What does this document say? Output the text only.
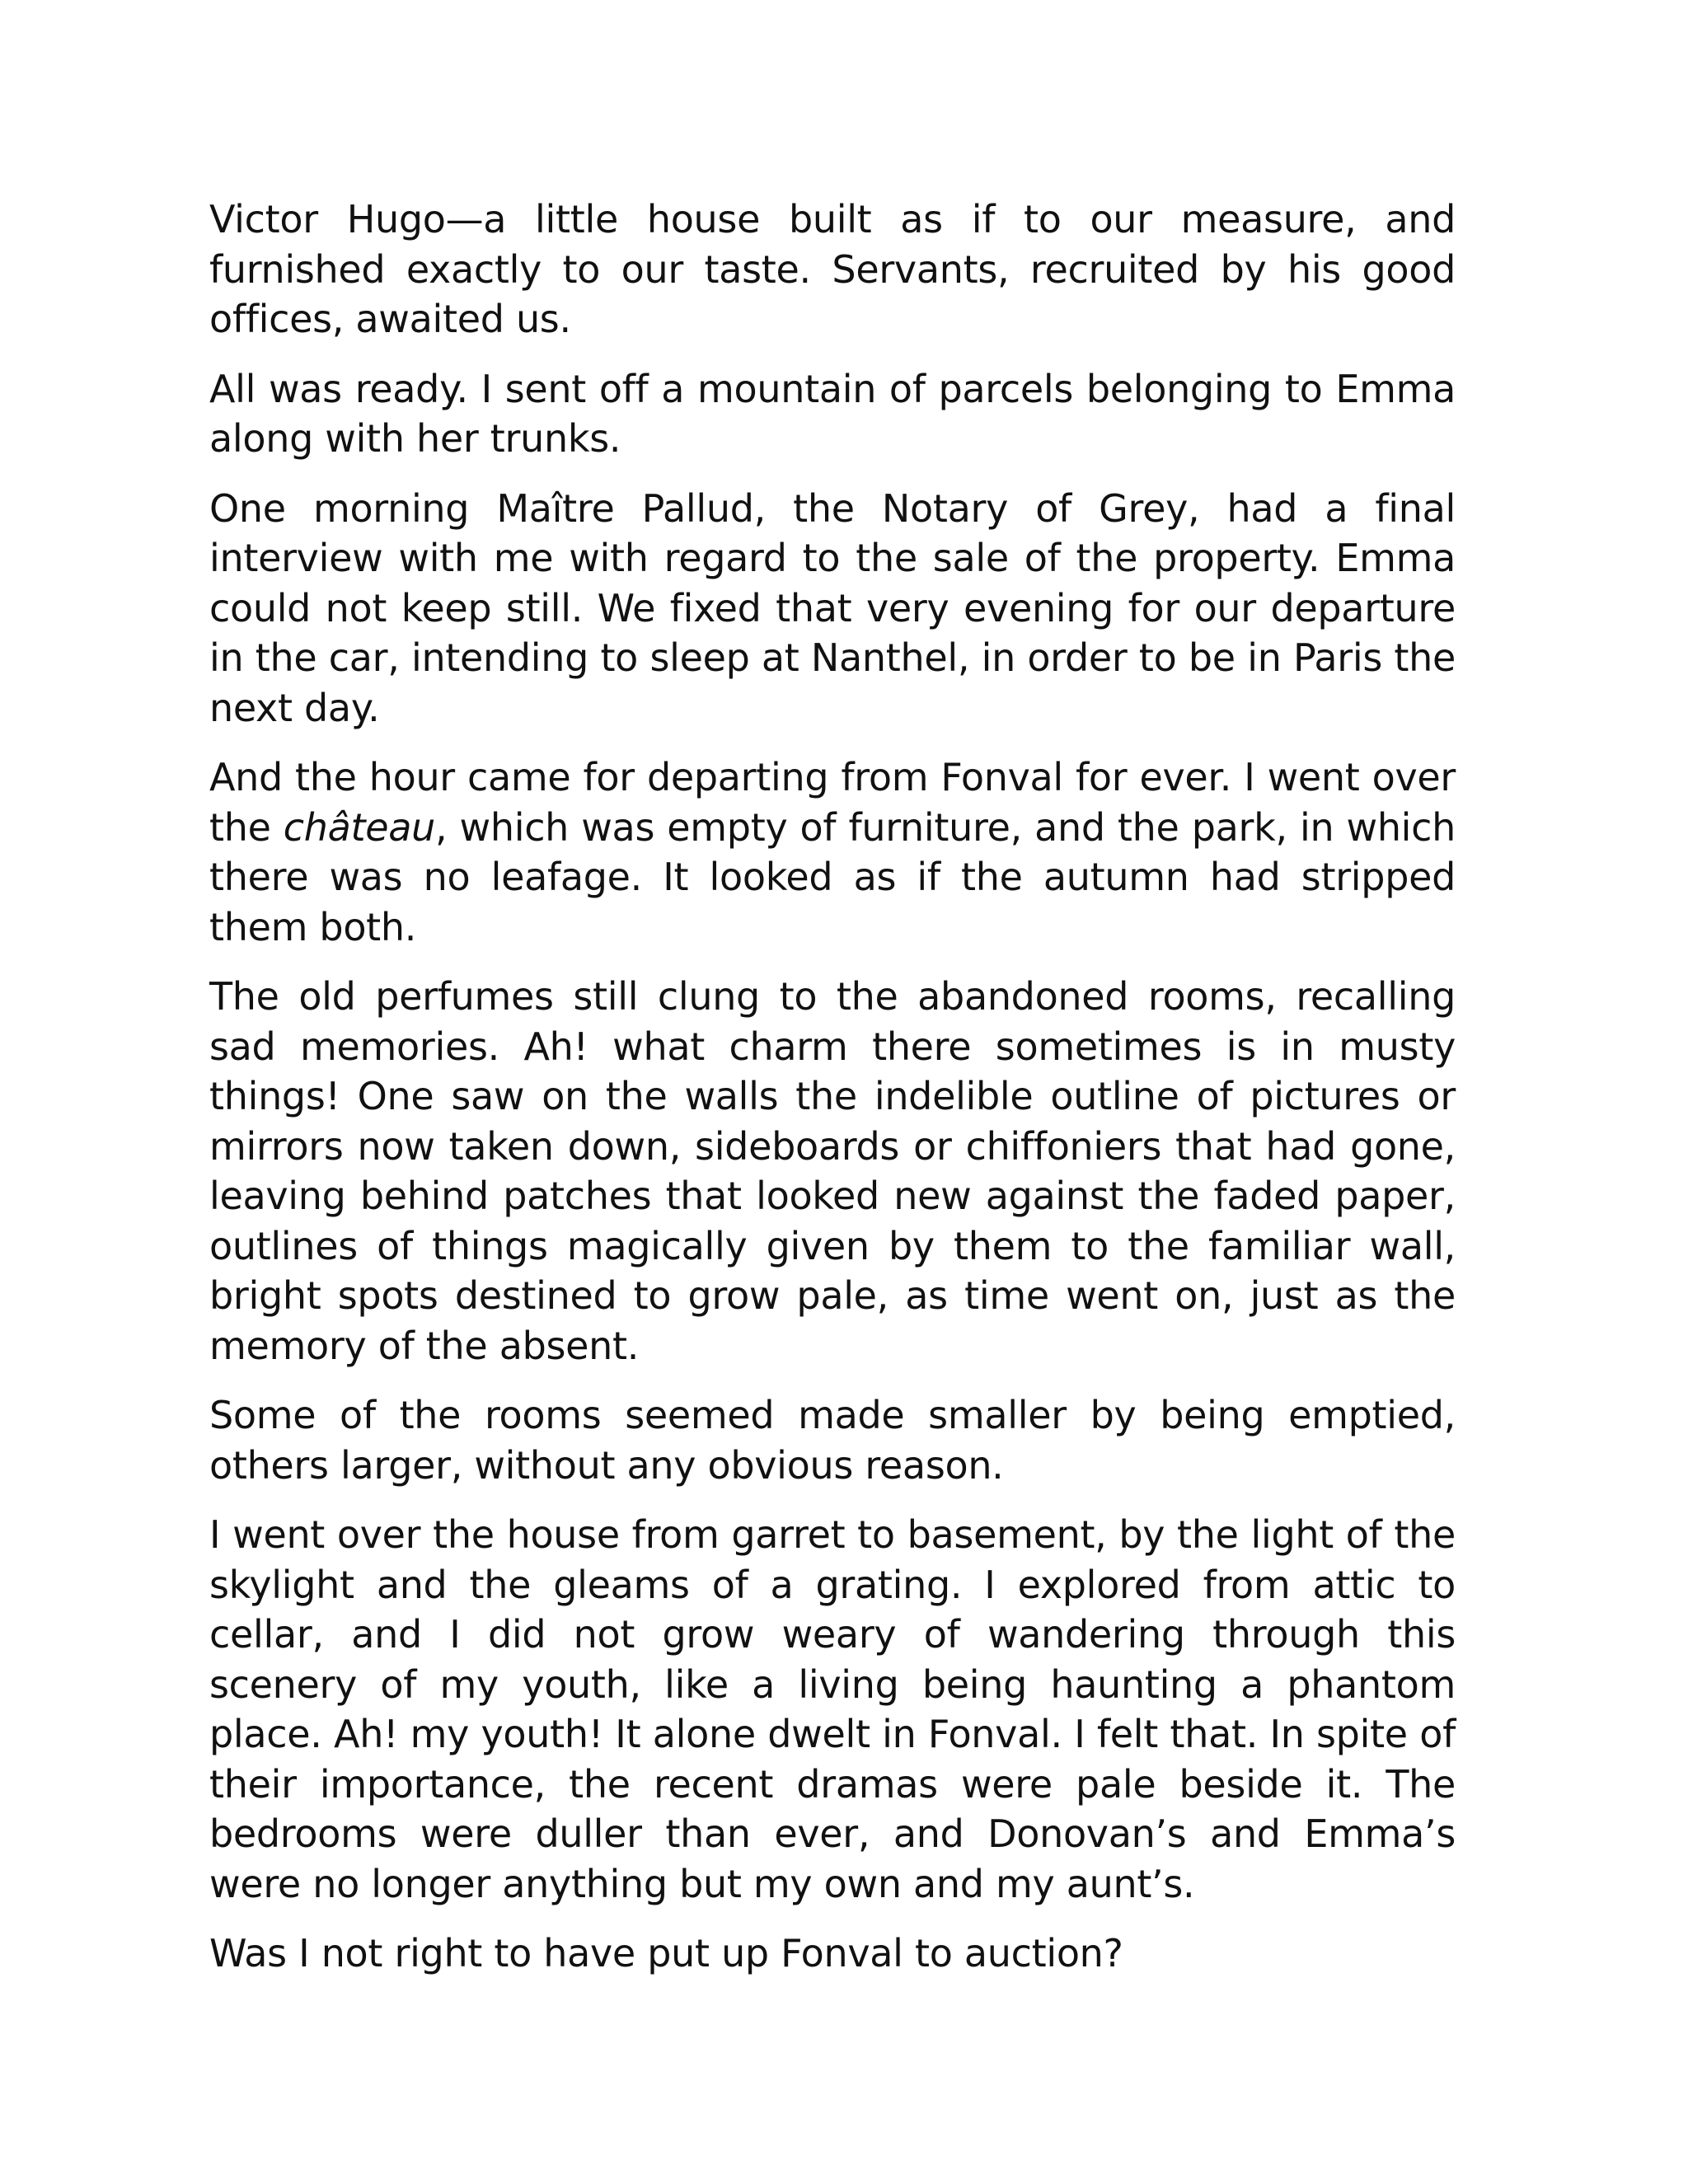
Victor Hugo—a little house built as if to our measure, and furnished exactly to our taste. Servants, recruited by his good offices, awaited us.

All was ready. I sent off a mountain of parcels belonging to Emma along with her trunks.

One morning Maître Pallud, the Notary of Grey, had a final interview with me with regard to the sale of the property. Emma could not keep still. We fixed that very evening for our departure in the car, intending to sleep at Nanthel, in order to be in Paris the next day.

And the hour came for departing from Fonval for ever. I went over the château, which was empty of furniture, and the park, in which there was no leafage. It looked as if the autumn had stripped them both.

The old perfumes still clung to the abandoned rooms, recalling sad memories. Ah! what charm there sometimes is in musty things! One saw on the walls the indelible outline of pictures or mirrors now taken down, sideboards or chiffoniers that had gone, leaving behind patches that looked new against the faded paper, outlines of things magically given by them to the familiar wall, bright spots destined to grow pale, as time went on, just as the memory of the absent.

Some of the rooms seemed made smaller by being emptied, others larger, without any obvious reason.

I went over the house from garret to basement, by the light of the skylight and the gleams of a grating. I explored from attic to cellar, and I did not grow weary of wandering through this scenery of my youth, like a living being haunting a phantom place. Ah! my youth! It alone dwelt in Fonval. I felt that. In spite of their importance, the recent dramas were pale beside it. The bedrooms were duller than ever, and Donovan’s and Emma’s were no longer anything but my own and my aunt’s.

Was I not right to have put up Fonval to auction?
